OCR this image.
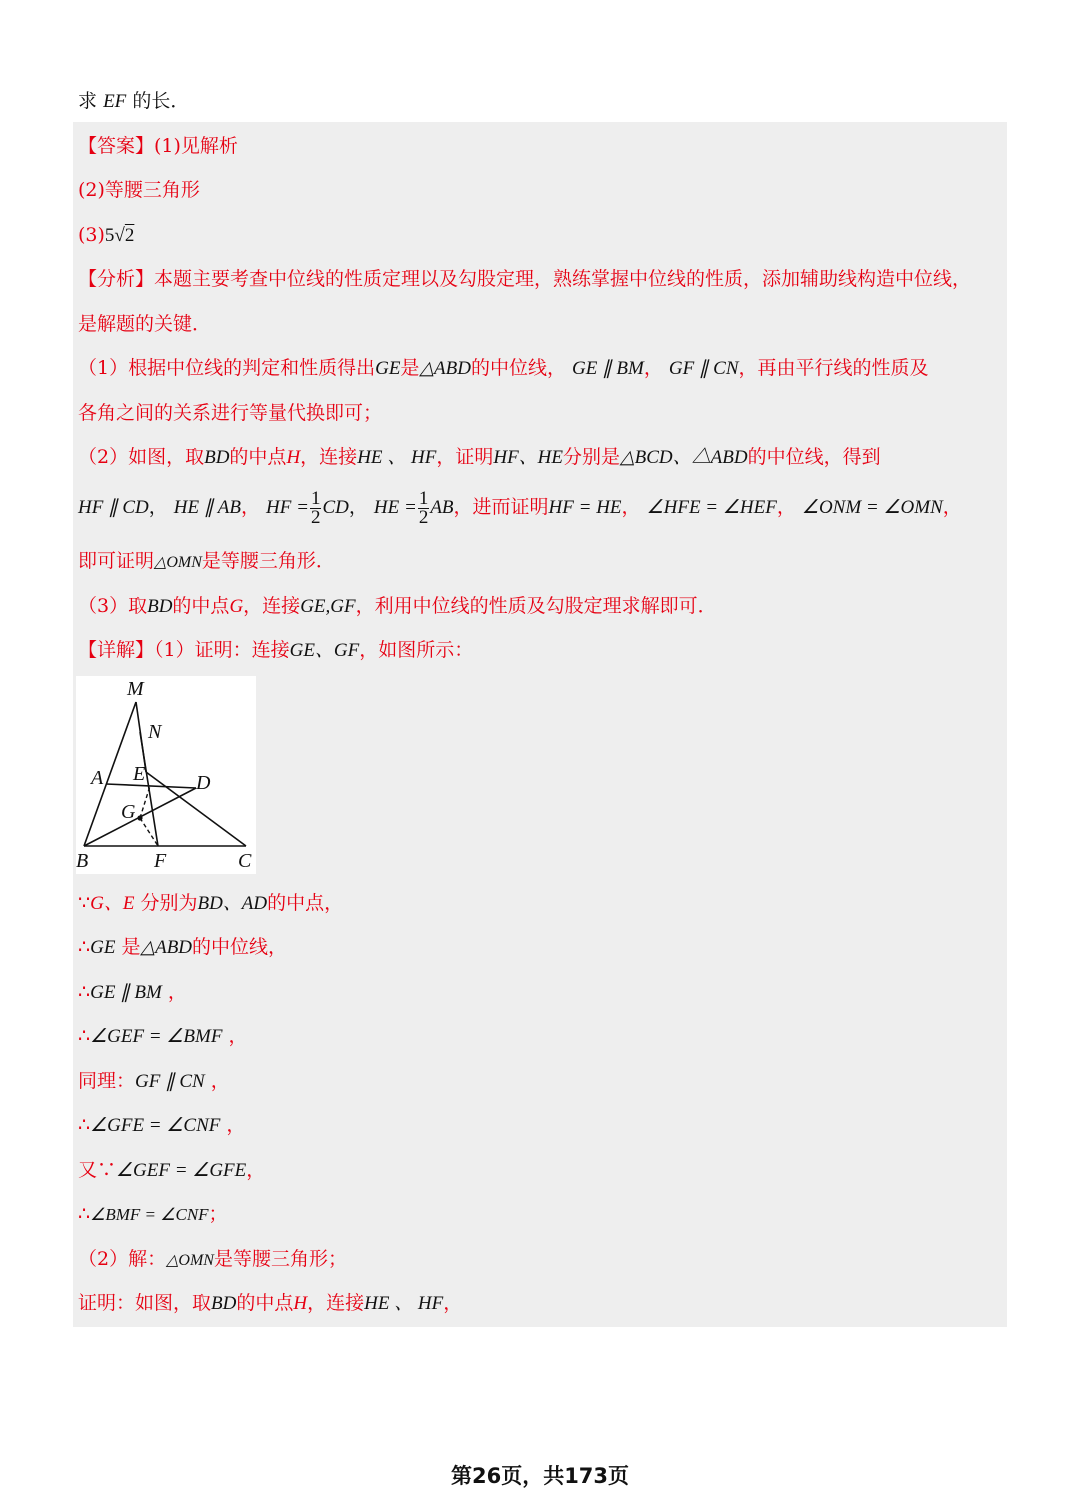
求 EF 的长．
【答案】(1)见解析
(2)等腰三角形
(3)5√2
【分析】本题主要考查中位线的性质定理以及勾股定理，熟练掌握中位线的性质，添加辅助线构造中位线，
是解题的关键．
（1）根据中位线的判定和性质得出GE是△ABD的中位线， GE ∥ BM， GF ∥ CN，再由平行线的性质及
各角之间的关系进行等量代换即可；
（2）如图，取BD的中点H，连接HE 、 HF，证明HF、HE分别是△BCD、△ABD的中位线，得到
HF ∥ CD， HE ∥ AB， HF = $\frac{1}{2}$ CD， HE = $\frac{1}{2}$ AB，进而证明HF = HE， ∠HFE = ∠HEF， ∠ONM = ∠OMN，
即可证明△OMN是等腰三角形．
（3）取BD的中点G，连接GE,GF，利用中位线的性质及勾股定理求解即可．
【详解】（1）证明：连接GE、GF，如图所示：
M
N
A E	D
G
B	F	C
∵G、E 分别为BD、AD的中点，
∴GE 是△ABD的中位线，
∴GE ∥ BM ，
∴∠GEF = ∠BMF ，
同理：GF ∥ CN ，
∴∠GFE = ∠CNF ，
又∵∠GEF = ∠GFE，
∴∠BMF = ∠CNF；
（2）解：△OMN是等腰三角形；
证明：如图，取BD的中点H，连接HE 、 HF，
第26页，共173页
